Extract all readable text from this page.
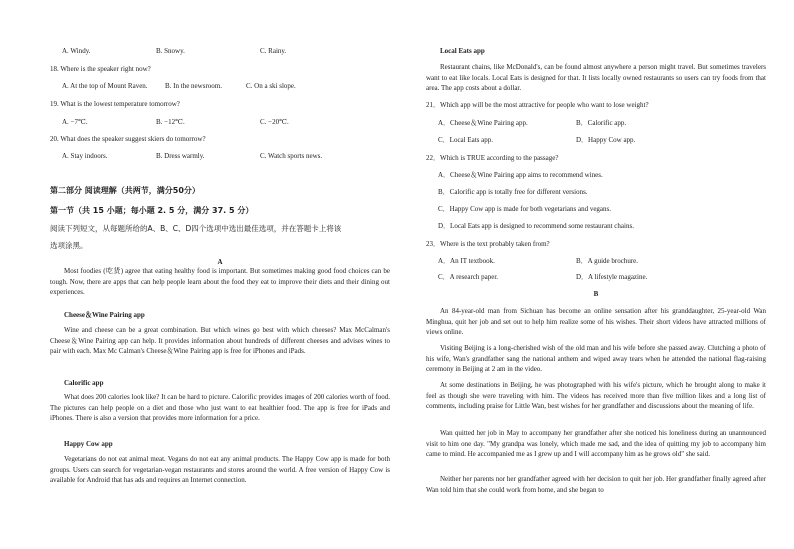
A. Windy.	B. Snowy.	C. Rainy.
18. Where is the speaker right now?
A. At the top of Mount Raven. B. In the newsroom.	C. On a ski slope.
19. What is the lowest temperature tomorrow?
A. −7℃.	B. −12℃.	C. −20℃.
20. What does the speaker suggest skiers do tomorrow?
A. Stay indoors.	B. Dress warmly.	C. Watch sports news.
第二部分 阅读理解（共两节，满分50分）
第一节（共 15 小题；每小题 2. 5 分，满分 37. 5 分）
阅读下列短文，从每题所给的A、B、C、D四个选项中选出最佳选项，并在答题卡上将该
选项涂黑。
A

Most foodies (吃货) agree that eating healthy food is important. But sometimes making good food choices can be tough. Now, there are apps that can help people learn about the food they eat to improve their diets and their dining out experiences.

Cheese＆Wine Pairing app

Wine and cheese can be a great combination. But which wines go best with which cheeses? Max McCalman's Cheese＆Wine Pairing app can help. It provides information about hundreds of different cheeses and advises wines to pair with each. Max Mc Calman's Cheese＆Wine Pairing app is free for iPhones and iPads.

Calorific app

What does 200 calories look like? It can be hard to picture. Calorific provides images of 200 calories worth of food. The pictures can help people on a diet and those who just want to eat healthier food. The app is free for iPads and iPhones. There is also a version that provides more information for a price.

Happy Cow app

Vegetarians do not eat animal meat. Vegans do not eat any animal products. The Happy Cow app is made for both groups. Users can search for vegetarian-vegan restaurants and stores around the world. A free version of Happy Cow is available for Android that has ads and requires an Internet connection.

Local Eats app

Restaurant chains, like McDonald's, can be found almost anywhere a person might travel. But sometimes travelers want to eat like locals. Local Eats is designed for that. It lists locally owned restaurants so users can try foods from that area. The app costs about a dollar.

21．Which app will be the most attractive for people who want to lose weight?
A．Cheese＆Wine Pairing app.	B．Calorific app.
C．Local Eats app.	D．Happy Cow app.
22．Which is TRUE according to the passage?
A．Cheese＆Wine Pairing app aims to recommend wines.
B．Calorific app is totally free for different versions.
C．Happy Cow app is made for both vegetarians and vegans.
D．Local Eats app is designed to recommend some restaurant chains.
23．Where is the text probably taken from?
A．An IT textbook.	B．A guide brochure.
C．A research paper.	D．A lifestyle magazine.
B

An 84-year-old man from Sichuan has become an online sensation after his granddaughter, 25-year-old Wan Minghua, quit her job and set out to help him realize some of his wishes. Their short videos have attracted millions of views online.

Visiting Beijing is a long-cherished wish of the old man and his wife before she passed away. Clutching a photo of his wife, Wan's grandfather sang the national anthem and wiped away tears when he attended the national flag-raising ceremony in Beijing at 2 am in the video.

At some destinations in Beijing, he was photographed with his wife's picture, which he brought along to make it feel as though she were traveling with him. The videos has received more than five million likes and a long list of comments, including praise for Little Wan, best wishes for her grandfather and discussions about the meaning of life.

Wan quitted her job in May to accompany her grandfather after she noticed his loneliness during an unannounced visit to him one day. "My grandpa was lonely, which made me sad, and the idea of quitting my job to accompany him came to mind. He accompanied me as I grew up and I will accompany him as he grows old" she said.

Neither her parents nor her grandfather agreed with her decision to quit her job. Her grandfather finally agreed after Wan told him that she could work from home, and she began to
